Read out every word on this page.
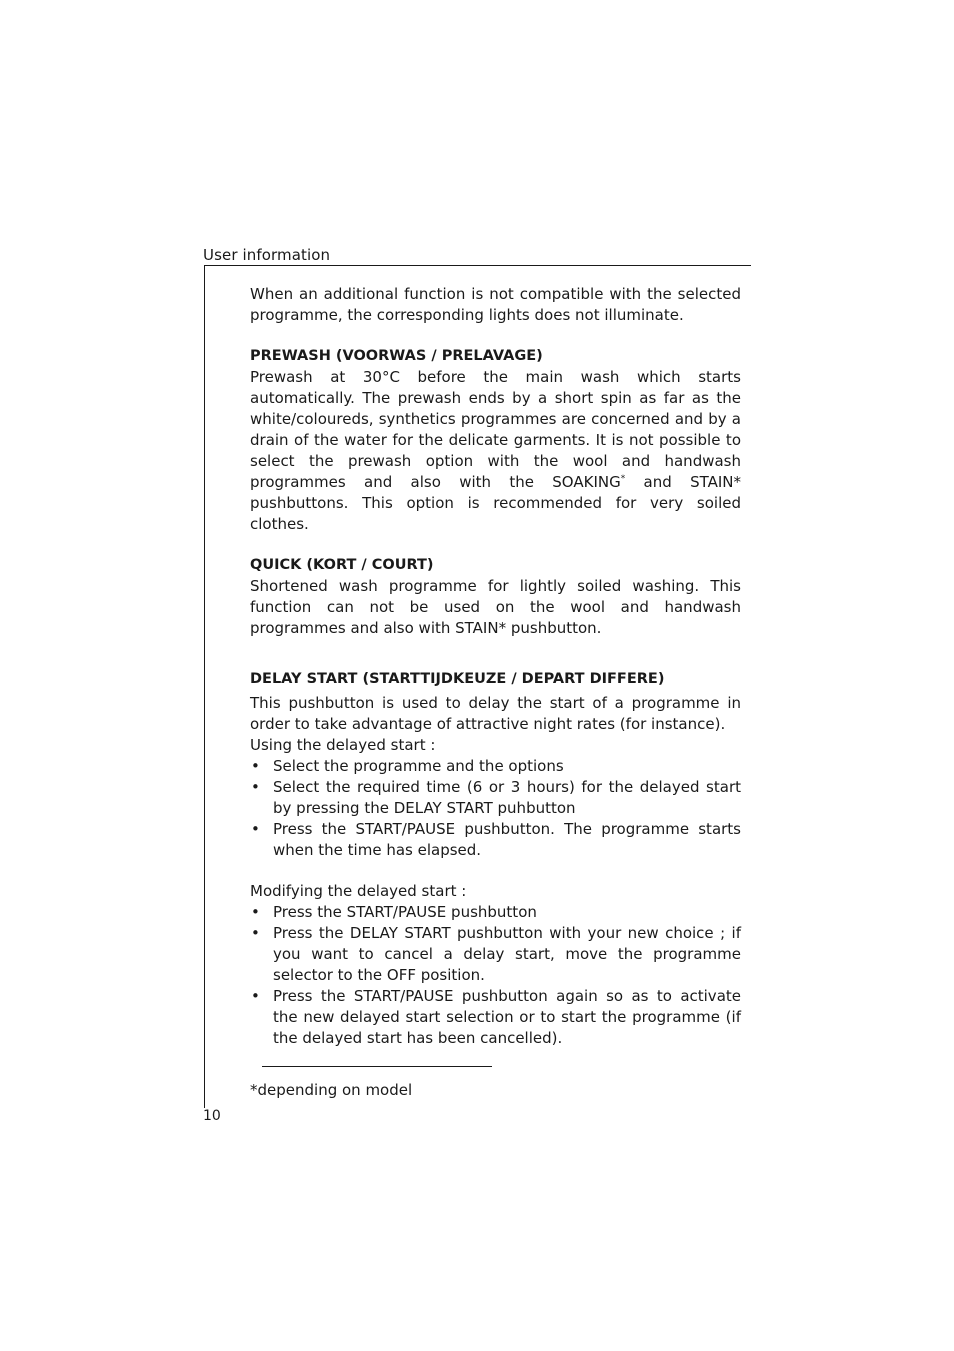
User information

When an additional function is not compatible with the selected programme, the corresponding lights does not illuminate.

PREWASH (VOORWAS / PRELAVAGE)

Prewash at 30°C before the main wash which starts automatically. The prewash ends by a short spin as far as the white/coloureds, synthetics programmes are concerned and by a drain of the water for the delicate garments. It is not possible to select the prewash option with the wool and handwash programmes and also with the SOAKING* and STAIN* pushbuttons. This option is recommended for very soiled clothes.

QUICK (KORT / COURT)

Shortened wash programme for lightly soiled washing. This function can not be used on the wool and handwash programmes and also with STAIN* pushbutton.

DELAY START (STARTTIJDKEUZE / DEPART DIFFERE)

This pushbutton is used to delay the start of a programme in order to take advantage of attractive night rates (for instance).

Using the delayed start :

• Select the programme and the options
• Select the required time (6 or 3 hours) for the delayed start by pressing the DELAY START puhbutton
• Press the START/PAUSE pushbutton. The programme starts when the time has elapsed.

Modifying the delayed start :

• Press the START/PAUSE pushbutton
• Press the DELAY START pushbutton with your new choice ; if you want to cancel a delay start, move the programme selector to the OFF position.
• Press the START/PAUSE pushbutton again so as to activate the new delayed start selection or to start the programme (if the delayed start has been cancelled).
*depending on model
10
